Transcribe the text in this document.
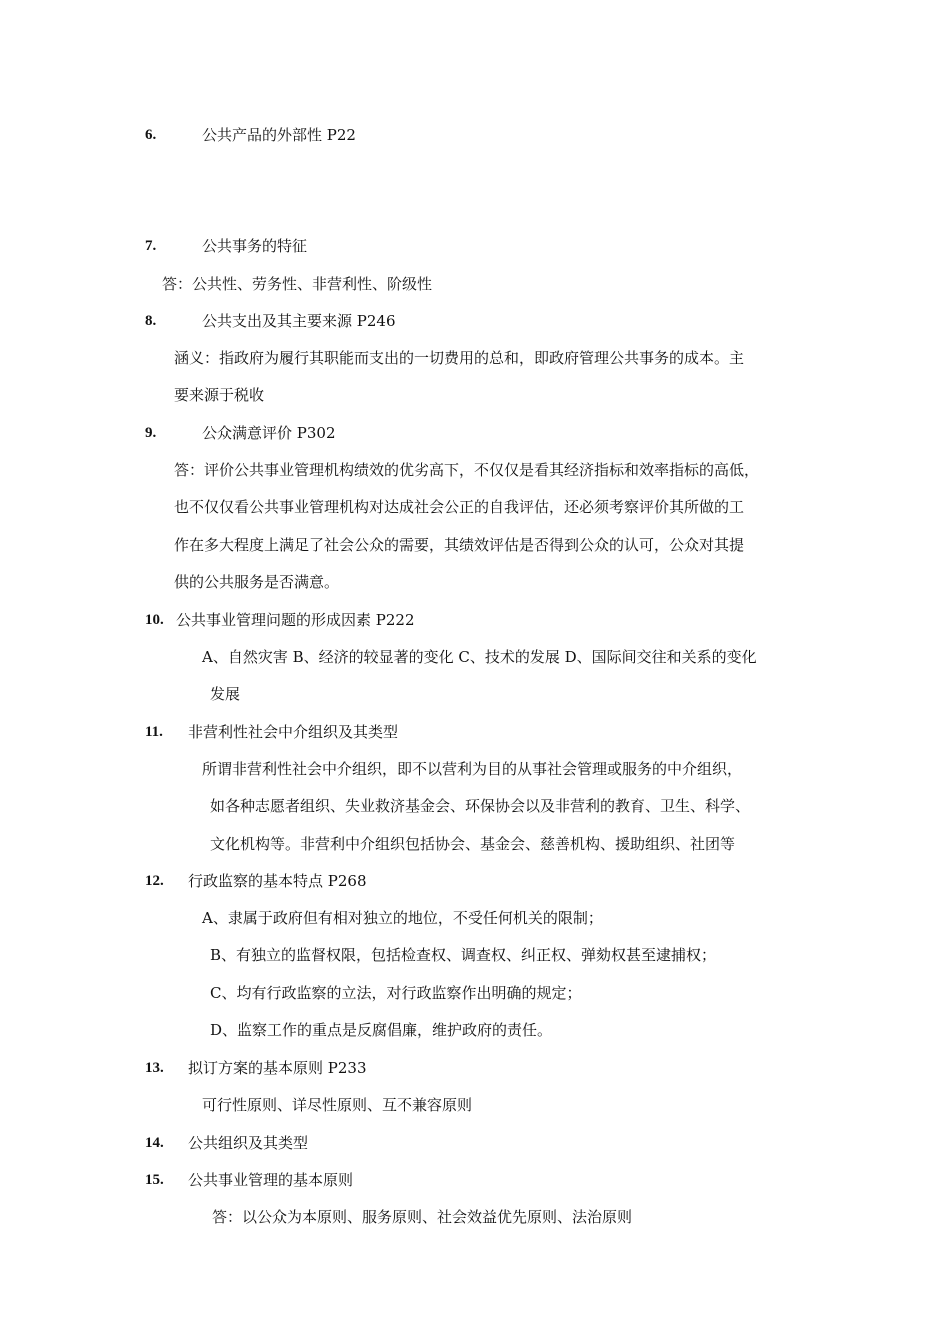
6.	公共产品的外部性 P22
7.	公共事务的特征
答：公共性、劳务性、非营利性、阶级性
8.	公共支出及其主要来源 P246
涵义：指政府为履行其职能而支出的一切费用的总和，即政府管理公共事务的成本。主
要来源于税收
9.	公众满意评价 P302
答：评价公共事业管理机构绩效的优劣高下，不仅仅是看其经济指标和效率指标的高低，
也不仅仅看公共事业管理机构对达成社会公正的自我评估，还必须考察评价其所做的工
作在多大程度上满足了社会公众的需要，其绩效评估是否得到公众的认可，公众对其提
供的公共服务是否满意。
10. 公共事业管理问题的形成因素 P222
A、自然灾害 B、经济的较显著的变化 C、技术的发展 D、国际间交往和关系的变化
发展
11. 非营利性社会中介组织及其类型
所谓非营利性社会中介组织，即不以营利为目的从事社会管理或服务的中介组织，
如各种志愿者组织、失业救济基金会、环保协会以及非营利的教育、卫生、科学、
文化机构等。非营利中介组织包括协会、基金会、慈善机构、援助组织、社团等
12. 行政监察的基本特点 P268
A、隶属于政府但有相对独立的地位，不受任何机关的限制；
B、有独立的监督权限，包括检查权、调查权、纠正权、弹劾权甚至逮捕权；
C、均有行政监察的立法，对行政监察作出明确的规定；
D、监察工作的重点是反腐倡廉，维护政府的责任。
13. 拟订方案的基本原则 P233
可行性原则、详尽性原则、互不兼容原则
14. 公共组织及其类型
15. 公共事业管理的基本原则
答：以公众为本原则、服务原则、社会效益优先原则、法治原则
